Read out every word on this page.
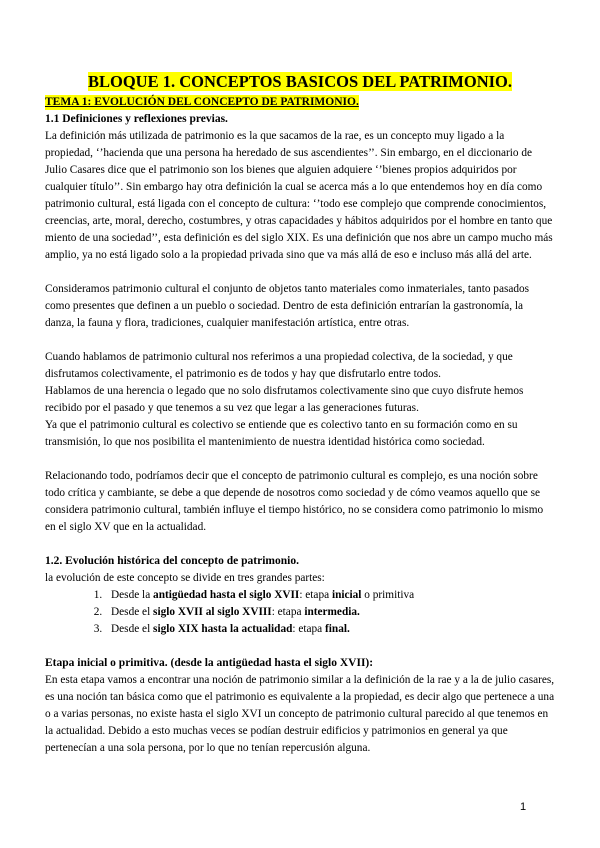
BLOQUE 1. CONCEPTOS BASICOS DEL PATRIMONIO.
TEMA 1: EVOLUCIÓN DEL CONCEPTO DE PATRIMONIO.

1.1 Definiciones y reflexiones previas.

La definición más utilizada de patrimonio es la que sacamos de la rae, es un concepto muy ligado a la propiedad, ‘’hacienda que una persona ha heredado de sus ascendientes’’. Sin embargo, en el diccionario de Julio Casares dice que el patrimonio son los bienes que alguien adquiere ‘’bienes propios adquiridos por cualquier título’’. Sin embargo hay otra definición la cual se acerca más a lo que entendemos hoy en día como patrimonio cultural, está ligada con el concepto de cultura: ‘’todo ese complejo que comprende conocimientos, creencias, arte, moral, derecho, costumbres, y otras capacidades y hábitos adquiridos por el hombre en tanto que miento de una sociedad’’, esta definición es del siglo XIX. Es una definición que nos abre un campo mucho más amplio, ya no está ligado solo a la propiedad privada sino que va más allá de eso e incluso más allá del arte.

Consideramos patrimonio cultural el conjunto de objetos tanto materiales como inmateriales, tanto pasados como presentes que definen a un pueblo o sociedad. Dentro de esta definición entrarían la gastronomía, la danza, la fauna y flora, tradiciones, cualquier manifestación artística, entre otras.

Cuando hablamos de patrimonio cultural nos referimos a una propiedad colectiva, de la sociedad, y que disfrutamos colectivamente, el patrimonio es de todos y hay que disfrutarlo entre todos.

Hablamos de una herencia o legado que no solo disfrutamos colectivamente sino que cuyo disfrute hemos recibido por el pasado y que tenemos a su vez que legar a las generaciones futuras.

Ya que el patrimonio cultural es colectivo se entiende que es colectivo tanto en su formación como en su transmisión, lo que nos posibilita el mantenimiento de nuestra identidad histórica como sociedad.

Relacionando todo, podríamos decir que el concepto de patrimonio cultural es complejo, es una noción sobre todo crítica y cambiante, se debe a que depende de nosotros como sociedad y de cómo veamos aquello que se considera patrimonio cultural, también influye el tiempo histórico, no se considera como patrimonio lo mismo en el siglo XV que en la actualidad.

1.2. Evolución histórica del concepto de patrimonio.

la evolución de este concepto se divide en tres grandes partes:

1. Desde la antigüedad hasta el siglo XVII: etapa inicial o primitiva
2. Desde el siglo XVII al siglo XVIII: etapa intermedia.
3. Desde el siglo XIX hasta la actualidad: etapa final.

Etapa inicial o primitiva. (desde la antigüedad hasta el siglo XVII):

En esta etapa vamos a encontrar una noción de patrimonio similar a la definición de la rae y a la de julio casares, es una noción tan básica como que el patrimonio es equivalente a la propiedad, es decir algo que pertenece a una o a varias personas, no existe hasta el siglo XVI un concepto de patrimonio cultural parecido al que tenemos en la actualidad. Debido a esto muchas veces se podían destruir edificios y patrimonios en general ya que pertenecían a una sola persona, por lo que no tenían repercusión alguna.

1
